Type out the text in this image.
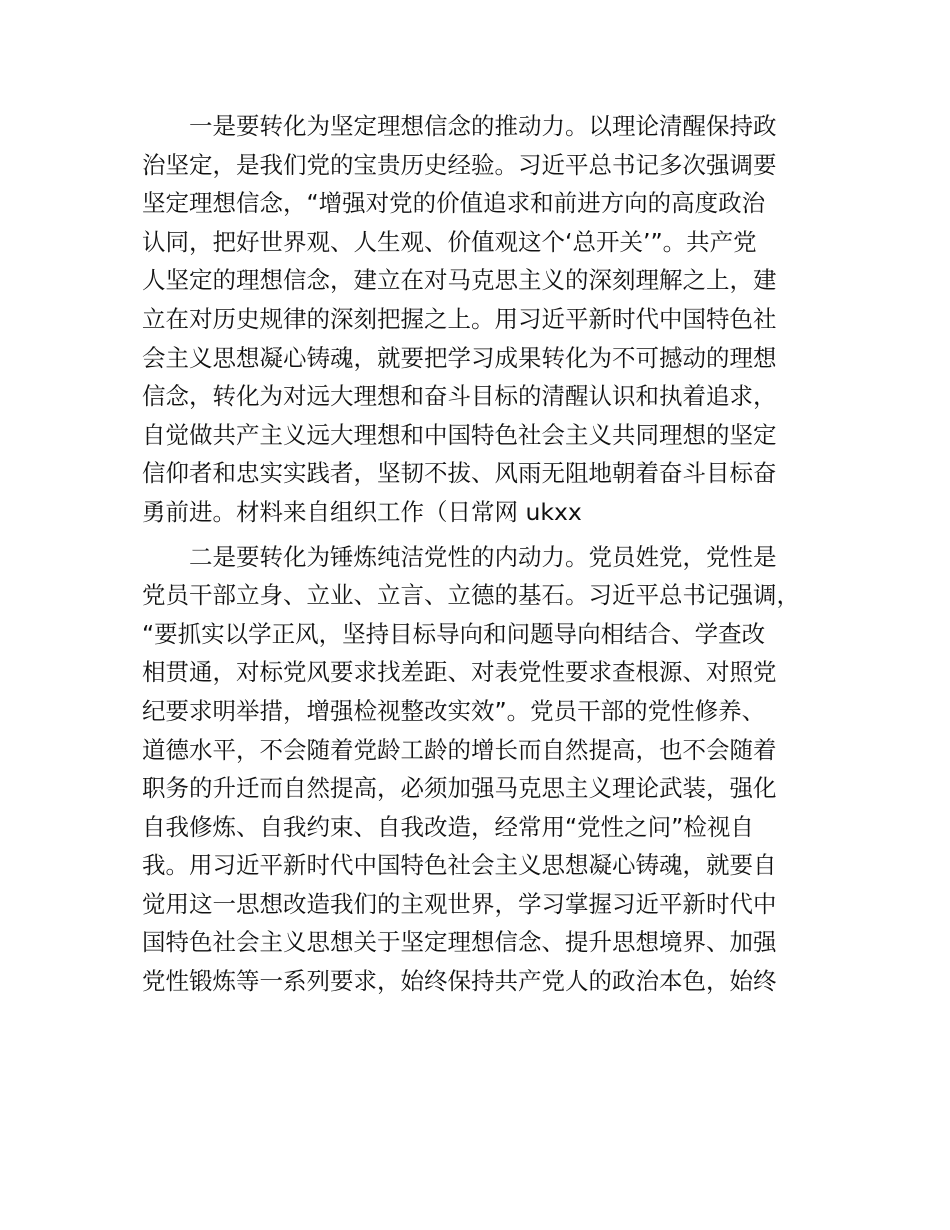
一是要转化为坚定理想信念的推动力。以理论清醒保持政
治坚定，是我们党的宝贵历史经验。习近平总书记多次强调要
坚定理想信念，“增强对党的价值追求和前进方向的高度政治
认同，把好世界观、人生观、价值观这个‘总开关’”。共产党
人坚定的理想信念，建立在对马克思主义的深刻理解之上，建
立在对历史规律的深刻把握之上。用习近平新时代中国特色社
会主义思想凝心铸魂，就要把学习成果转化为不可撼动的理想
信念，转化为对远大理想和奋斗目标的清醒认识和执着追求，
自觉做共产主义远大理想和中国特色社会主义共同理想的坚定
信仰者和忠实实践者，坚韧不拔、风雨无阻地朝着奋斗目标奋
勇前进。材料来自组织工作（日常网 ukxx

二是要转化为锤炼纯洁党性的内动力。党员姓党，党性是
党员干部立身、立业、立言、立德的基石。习近平总书记强调，
“要抓实以学正风，坚持目标导向和问题导向相结合、学查改
相贯通，对标党风要求找差距、对表党性要求查根源、对照党
纪要求明举措，增强检视整改实效”。党员干部的党性修养、
道德水平，不会随着党龄工龄的增长而自然提高，也不会随着
职务的升迁而自然提高，必须加强马克思主义理论武装，强化
自我修炼、自我约束、自我改造，经常用“党性之问”检视自
我。用习近平新时代中国特色社会主义思想凝心铸魂，就要自
觉用这一思想改造我们的主观世界，学习掌握习近平新时代中
国特色社会主义思想关于坚定理想信念、提升思想境界、加强
党性锻炼等一系列要求，始终保持共产党人的政治本色，始终
